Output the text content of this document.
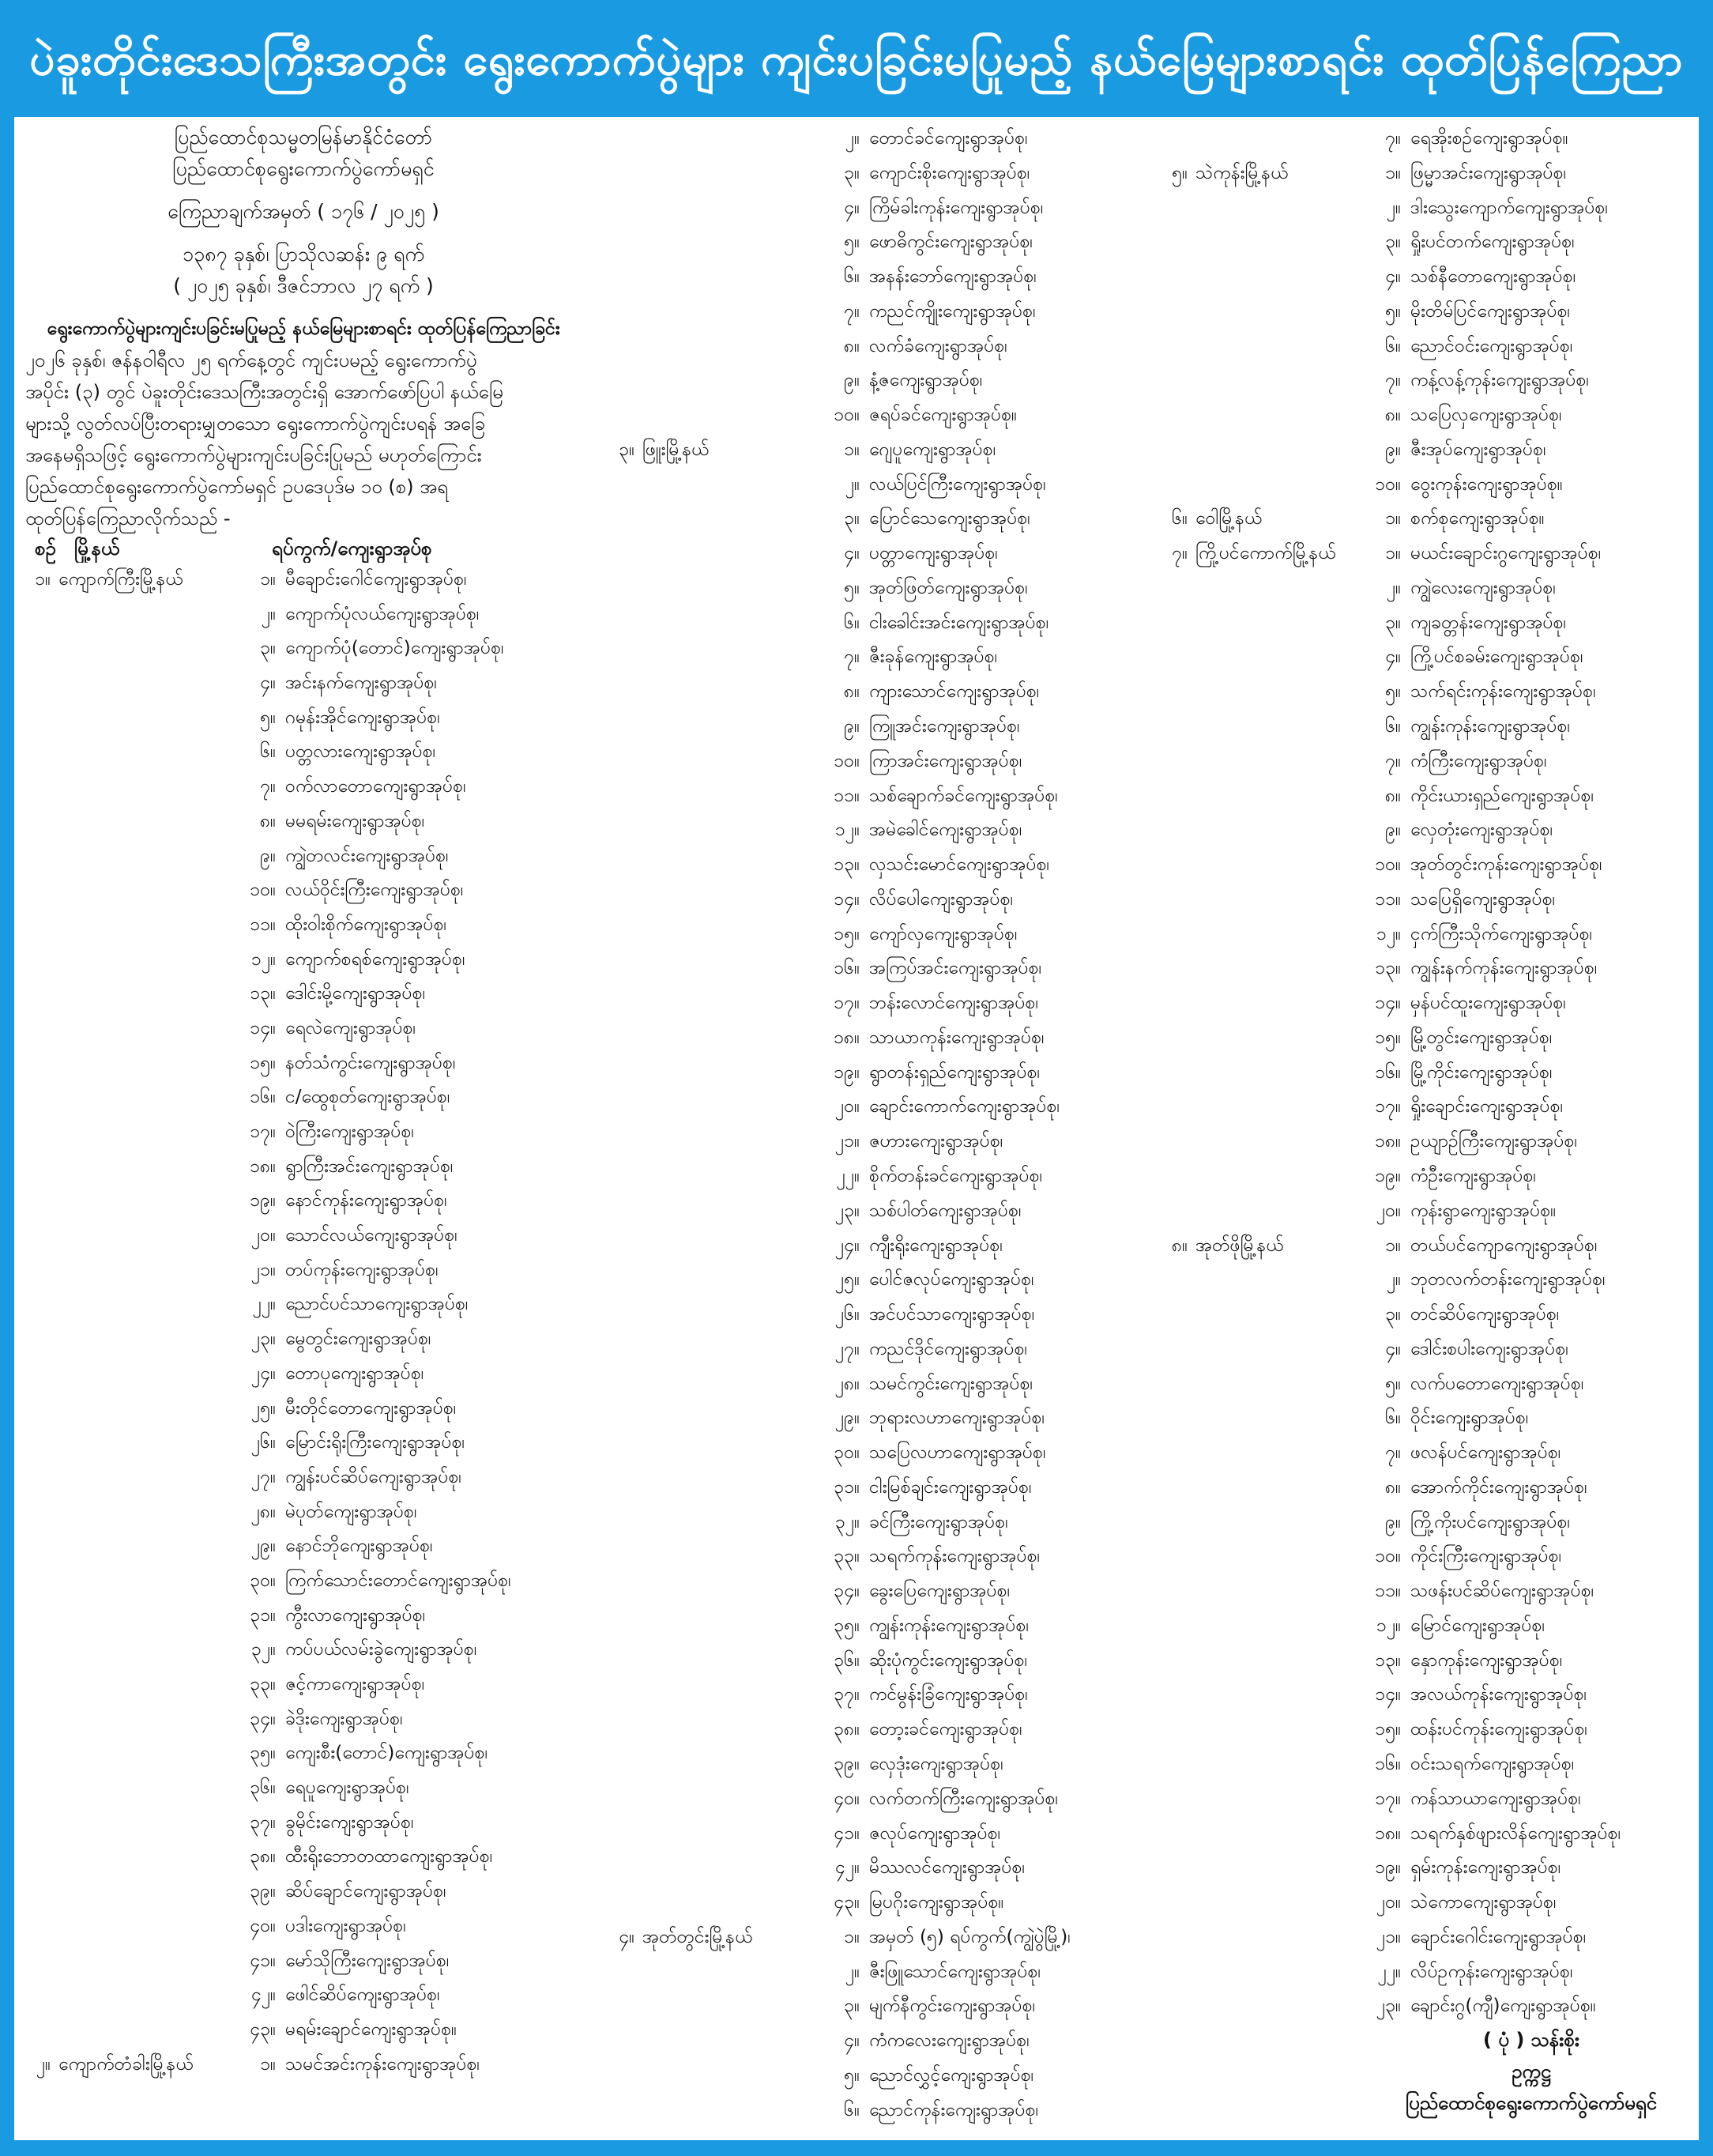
ပဲခူးတိုင်းဒေသကြီးအတွင်း ရွေးကောက်ပွဲများ ကျင်းပခြင်းမပြုမည့် နယ်မြေများစာရင်း ထုတ်ပြန်ကြေညာ
ပြည်ထောင်စုသမ္မတမြန်မာနိုင်ငံတော်
ပြည်ထောင်စုရွေးကောက်ပွဲကော်မရှင်
ကြေညာချက်အမှတ် ( ၁၇၆ / ၂၀၂၅ )
၁၃၈၇ ခုနှစ်၊ ပြာသိုလဆန်း ၉ ရက်
( ၂၀၂၅ ခုနှစ်၊ ဒီဇင်ဘာလ ၂၇ ရက် )
ရွေးကောက်ပွဲများကျင်းပခြင်းမပြုမည့် နယ်မြေများစာရင်း ထုတ်ပြန်ကြေညာခြင်း

၂၀၂၆ ခုနှစ်၊ ဇန်နဝါရီလ ၂၅ ရက်နေ့တွင် ကျင်းပမည့် ရွေးကောက်ပွဲ

အပိုင်း (၃) တွင် ပဲခူးတိုင်းဒေသကြီးအတွင်းရှိ အောက်ဖော်ပြပါ နယ်မြေ

များသို့ လွတ်လပ်ပြီးတရားမျှတသော ရွေးကောက်ပွဲကျင်းပရန် အခြေ

အနေမရှိသဖြင့် ရွေးကောက်ပွဲများကျင်းပခြင်းပြုမည် မဟုတ်ကြောင်း

ပြည်ထောင်စုရွေးကောက်ပွဲကော်မရှင် ဥပဒေပုဒ်မ ၁၀ (စ) အရ

ထုတ်ပြန်ကြေညာလိုက်သည် -

စဉ် မြို့နယ်	ရပ်ကွက်/ကျေးရွာအုပ်စု
၁။ ကျောက်ကြီးမြို့နယ်	၁။ မီချောင်းဂေါင်ကျေးရွာအုပ်စု၊
၂။ ကျောက်ပုံလယ်ကျေးရွာအုပ်စု၊
၃။ ကျောက်ပုံ(တောင်)ကျေးရွာအုပ်စု၊
၄။ အင်းနက်ကျေးရွာအုပ်စု၊
၅။ ဂမုန်းအိုင်ကျေးရွာအုပ်စု၊
၆။ ပတ္တလားကျေးရွာအုပ်စု၊
၇။ ဝက်လာတောကျေးရွာအုပ်စု၊
၈။ မမရမ်းကျေးရွာအုပ်စု၊
၉။ ကျွဲတလင်းကျေးရွာအုပ်စု၊
၁၀။ လယ်ဝိုင်းကြီးကျေးရွာအုပ်စု၊
၁၁။ ထိုးဝါးစိုက်ကျေးရွာအုပ်စု၊
၁၂။ ကျောက်စရစ်ကျေးရွာအုပ်စု၊
၁၃။ ဒေါင်းမို့ကျေးရွာအုပ်စု၊
၁၄။ ရေလဲကျေးရွာအုပ်စု၊
၁၅။ နတ်သံကွင်းကျေးရွာအုပ်စု၊
၁၆။ င/ထွေစုတ်ကျေးရွာအုပ်စု၊
၁၇။ ဝဲကြီးကျေးရွာအုပ်စု၊
၁၈။ ရွာကြီးအင်းကျေးရွာအုပ်စု၊
၁၉။ နောင်ကုန်းကျေးရွာအုပ်စု၊
၂၀။ သောင်လယ်ကျေးရွာအုပ်စု၊
၂၁။ တပ်ကုန်းကျေးရွာအုပ်စု၊
၂၂။ ညောင်ပင်သာကျေးရွာအုပ်စု၊
၂၃။ မွေတွင်းကျေးရွာအုပ်စု၊
၂၄။ တောပုကျေးရွာအုပ်စု၊
၂၅။ မီးတိုင်တောကျေးရွာအုပ်စု၊
၂၆။ မြောင်းရိုးကြီးကျေးရွာအုပ်စု၊
၂၇။ ကျွန်းပင်ဆိပ်ကျေးရွာအုပ်စု၊
၂၈။ မဲပုတ်ကျေးရွာအုပ်စု၊
၂၉။ နောင်ဘိုကျေးရွာအုပ်စု၊
၃၀။ ကြက်သောင်းတောင်ကျေးရွာအုပ်စု၊
၃၁။ ကွီးလာကျေးရွာအုပ်စု၊
၃၂။ ကပ်ပယ်လမ်းခွဲကျေးရွာအုပ်စု၊
၃၃။ ဇင့်ကာကျေးရွာအုပ်စု၊
၃၄။ ခဲဒိုးကျေးရွာအုပ်စု၊
၃၅။ ကျေးစီး(တောင်)ကျေးရွာအုပ်စု၊
၃၆။ ရေပူကျေးရွာအုပ်စု၊
၃၇။ ခွမိုင်းကျေးရွာအုပ်စု၊
၃၈။ ထီးရိုးဘောတထာကျေးရွာအုပ်စု၊
၃၉။ ဆိပ်ချောင်ကျေးရွာအုပ်စု၊
၄၀။ ပဒါးကျေးရွာအုပ်စု၊
၄၁။ မော်သိုကြီးကျေးရွာအုပ်စု၊
၄၂။ ဖေါင်ဆိပ်ကျေးရွာအုပ်စု၊
၄၃။ မရမ်းချောင်ကျေးရွာအုပ်စု။
၂။ ကျောက်တံခါးမြို့နယ်	၁။ သမင်အင်းကုန်းကျေးရွာအုပ်စု၊
၂။ တောင်ခင်ကျေးရွာအုပ်စု၊
၃။ ကျောင်းစိုးကျေးရွာအုပ်စု၊
၄။ ကြိမ်ခါးကုန်းကျေးရွာအုပ်စု၊
၅။ ဖောဓိကွင်းကျေးရွာအုပ်စု၊
၆။ အနန်းဘော်ကျေးရွာအုပ်စု၊
၇။ ကညင်ကျိုးကျေးရွာအုပ်စု၊
၈။ လက်ခံကျေးရွာအုပ်စု၊
၉။ နံ့ဇကျေးရွာအုပ်စု၊
၁၀။ ဇရပ်ခင်ကျေးရွာအုပ်စု။
၃။ ဖြူးမြို့နယ်	၁။ ဂျေပူကျေးရွာအုပ်စု၊
၂။ လယ်ပြင်ကြီးကျေးရွာအုပ်စု၊
၃။ ပြောင်သေကျေးရွာအုပ်စု၊
၄။ ပတ္တာကျေးရွာအုပ်စု၊
၅။ အုတ်ဖြတ်ကျေးရွာအုပ်စု၊
၆။ ငါးခေါင်းအင်းကျေးရွာအုပ်စု၊
၇။ ဇီးခုန်ကျေးရွာအုပ်စု၊
၈။ ကျားသောင်ကျေးရွာအုပ်စု၊
၉။ ကြူအင်းကျေးရွာအုပ်စု၊
၁၀။ ကြာအင်းကျေးရွာအုပ်စု၊
၁၁။ သစ်ချောက်ခင်ကျေးရွာအုပ်စု၊
၁၂။ အမဲခေါင်ကျေးရွာအုပ်စု၊
၁၃။ လှသင်းမောင်ကျေးရွာအုပ်စု၊
၁၄။ လိပ်ပေါကျေးရွာအုပ်စု၊
၁၅။ ကျော်လှကျေးရွာအုပ်စု၊
၁၆။ အကြပ်အင်းကျေးရွာအုပ်စု၊
၁၇။ ဘန်းလောင်ကျေးရွာအုပ်စု၊
၁၈။ သာယာကုန်းကျေးရွာအုပ်စု၊
၁၉။ ရွာတန်းရှည်ကျေးရွာအုပ်စု၊
၂၀။ ချောင်းကောက်ကျေးရွာအုပ်စု၊
၂၁။ ဇဟားကျေးရွာအုပ်စု၊
၂၂။ စိုက်တန်းခင်ကျေးရွာအုပ်စု၊
၂၃။ သစ်ပါတ်ကျေးရွာအုပ်စု၊
၂၄။ ကျီးရိုးကျေးရွာအုပ်စု၊
၂၅။ ပေါင်ဇလုပ်ကျေးရွာအုပ်စု၊
၂၆။ အင်ပင်သာကျေးရွာအုပ်စု၊
၂၇။ ကညင်ဒိုင်ကျေးရွာအုပ်စု၊
၂၈။ သမင်ကွင်းကျေးရွာအုပ်စု၊
၂၉။ ဘုရားလဟာကျေးရွာအုပ်စု၊
၃၀။ သပြေလဟာကျေးရွာအုပ်စု၊
၃၁။ ငါးမြစ်ချင်းကျေးရွာအုပ်စု၊
၃၂။ ခင်ကြီးကျေးရွာအုပ်စု၊
၃၃။ သရက်ကုန်းကျေးရွာအုပ်စု၊
၃၄။ ခွေးပြေကျေးရွာအုပ်စု၊
၃၅။ ကျွန်းကုန်းကျေးရွာအုပ်စု၊
၃၆။ ဆိုးပုံကွင်းကျေးရွာအုပ်စု၊
၃၇။ ကင်မွန်းခြံကျေးရွာအုပ်စု၊
၃၈။ တော့းခင်ကျေးရွာအုပ်စု၊
၃၉။ လှေဒုံးကျေးရွာအုပ်စု၊
၄၀။ လက်တက်ကြီးကျေးရွာအုပ်စု၊
၄၁။ ဇလုပ်ကျေးရွာအုပ်စု၊
၄၂။ မိဿလင်ကျေးရွာအုပ်စု၊
၄၃။ မြပဂိုးကျေးရွာအုပ်စု။
၄။ အုတ်တွင်းမြို့နယ်	၁။ အမှတ် (၅) ရပ်ကွက်(ကျွဲပွဲမြို့)၊
၂။ ဇီးဖြူသောင်ကျေးရွာအုပ်စု၊
၃။ မျက်နီကွင်းကျေးရွာအုပ်စု၊
၄။ ကံကလေးကျေးရွာအုပ်စု၊
၅။ ညောင်လွှင့်ကျေးရွာအုပ်စု၊
၆။ ညောင်ကုန်းကျေးရွာအုပ်စု၊
၇။ ရေအိုးစဉ်ကျေးရွာအုပ်စု။
၅။ သဲကုန်းမြို့နယ်	၁။ ဖြမ္မာအင်းကျေးရွာအုပ်စု၊
၂။ ဒါးသွေးကျောက်ကျေးရွာအုပ်စု၊
၃။ ရှိုးပင်တက်ကျေးရွာအုပ်စု၊
၄။ သစ်နီတောကျေးရွာအုပ်စု၊
၅။ မိုးတိမ်ပြင်ကျေးရွာအုပ်စု၊
၆။ ညောင်ဝင်းကျေးရွာအုပ်စု၊
၇။ ကန့်လန့်ကုန်းကျေးရွာအုပ်စု၊
၈။ သပြေလှကျေးရွာအုပ်စု၊
၉။ ဇီးအုပ်ကျေးရွာအုပ်စု၊
၁၀။ ဝွေးကုန်းကျေးရွာအုပ်စု။
၆။ ဝေါမြို့နယ်	၁။ စက်စုကျေးရွာအုပ်စု။
၇။ ကြို့ပင်ကောက်မြို့နယ်	၁။ မယင်းချောင်းဂွကျေးရွာအုပ်စု၊
၂။ ကျွဲလေးကျေးရွာအုပ်စု၊
၃။ ကျခတ္တန်းကျေးရွာအုပ်စု၊
၄။ ကြို့ပင်စခမ်းကျေးရွာအုပ်စု၊
၅။ သက်ရင်းကုန်းကျေးရွာအုပ်စု၊
၆။ ကျွန်းကုန်းကျေးရွာအုပ်စု၊
၇။ ကံကြီးကျေးရွာအုပ်စု၊
၈။ ကိုင်းယားရှည်ကျေးရွာအုပ်စု၊
၉။ လှေတုံးကျေးရွာအုပ်စု၊
၁၀။ အုတ်တွင်းကုန်းကျေးရွာအုပ်စု၊
၁၁။ သပြေရှိကျေးရွာအုပ်စု၊
၁၂။ ငှက်ကြီးသိုက်ကျေးရွာအုပ်စု၊
၁၃။ ကျွန်းနက်ကုန်းကျေးရွာအုပ်စု၊
၁၄။ မှန်ပင်ထူးကျေးရွာအုပ်စု၊
၁၅။ မြို့တွင်းကျေးရွာအုပ်စု၊
၁၆။ မြို့ကိုင်းကျေးရွာအုပ်စု၊
၁၇။ ရှိုးချောင်းကျေးရွာအုပ်စု၊
၁၈။ ဥယျာဉ်ကြီးကျေးရွာအုပ်စု၊
၁၉။ ကံဦးကျေးရွာအုပ်စု၊
၂၀။ ကုန်းရွာကျေးရွာအုပ်စု။
၈။ အုတ်ဖိုမြို့နယ်	၁။ တယ်ပင်ကျောကျေးရွာအုပ်စု၊
၂။ ဘုတလက်တန်းကျေးရွာအုပ်စု၊
၃။ တင်ဆိပ်ကျေးရွာအုပ်စု၊
၄။ ဒေါင်းစပါးကျေးရွာအုပ်စု၊
၅။ လက်ပတောကျေးရွာအုပ်စု၊
၆။ ဝိုင်းကျေးရွာအုပ်စု၊
၇။ ဖလန်ပင်ကျေးရွာအုပ်စု၊
၈။ အောက်ကိုင်းကျေးရွာအုပ်စု၊
၉။ ကြို့ကိုးပင်ကျေးရွာအုပ်စု၊
၁၀။ ကိုင်းကြီးကျေးရွာအုပ်စု၊
၁၁။ သဖန်းပင်ဆိပ်ကျေးရွာအုပ်စု၊
၁၂။ မြောင်ကျေးရွာအုပ်စု၊
၁၃။ နှောကုန်းကျေးရွာအုပ်စု၊
၁၄။ အလယ်ကုန်းကျေးရွာအုပ်စု၊
၁၅။ ထန်းပင်ကုန်းကျေးရွာအုပ်စု၊
၁၆။ ဝင်းသရက်ကျေးရွာအုပ်စု၊
၁၇။ ကန်သာယာကျေးရွာအုပ်စု၊
၁၈။ သရက်နှစ်ဖျားလိန်ကျေးရွာအုပ်စု၊
၁၉။ ရှမ်းကုန်းကျေးရွာအုပ်စု၊
၂၀။ သဲကောကျေးရွာအုပ်စု၊
၂၁။ ချောင်းဂေါင်းကျေးရွာအုပ်စု၊
၂၂။ လိပ်ဥကုန်းကျေးရွာအုပ်စု၊
၂၃။ ချောင်းဂွ(ကျီ)ကျေးရွာအုပ်စု။
( ပုံ ) သန်းစိုး
ဥက္ကဋ္ဌ
ပြည်ထောင်စုရွေးကောက်ပွဲကော်မရှင်
